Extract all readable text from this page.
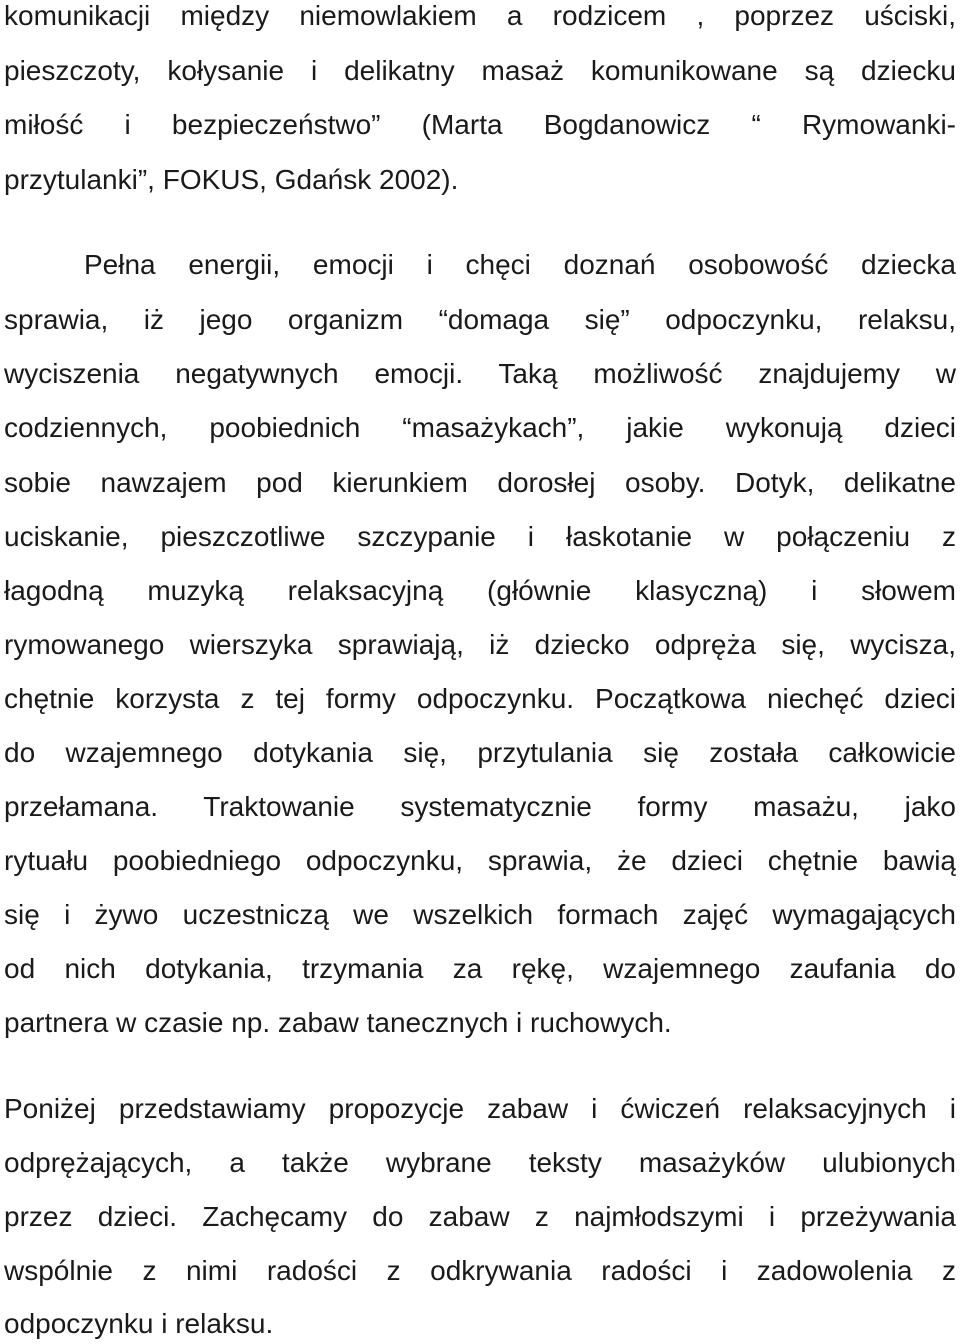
komunikacji między niemowlakiem a rodzicem , poprzez uściski,
pieszczoty, kołysanie i delikatny masaż komunikowane są dziecku
miłość i bezpieczeństwo” (Marta Bogdanowicz “ Rymowanki-
przytulanki”, FOKUS, Gdańsk 2002).
Pełna energii, emocji i chęci doznań osobowość dziecka
sprawia, iż jego organizm “domaga się” odpoczynku, relaksu,
wyciszenia negatywnych emocji. Taką możliwość znajdujemy w
codziennych, poobiednich “masażykach”, jakie wykonują dzieci
sobie nawzajem pod kierunkiem dorosłej osoby. Dotyk, delikatne
uciskanie, pieszczotliwe szczypanie i łaskotanie w połączeniu z
łagodną muzyką relaksacyjną (głównie klasyczną) i słowem
rymowanego wierszyka sprawiają, iż dziecko odpręża się, wycisza,
chętnie korzysta z tej formy odpoczynku. Początkowa niechęć dzieci
do wzajemnego dotykania się, przytulania się została całkowicie
przełamana. Traktowanie systematycznie formy masażu, jako
rytuału poobiedniego odpoczynku, sprawia, że dzieci chętnie bawią
się i żywo uczestniczą we wszelkich formach zajęć wymagających
od nich dotykania, trzymania za rękę, wzajemnego zaufania do
partnera w czasie np. zabaw tanecznych i ruchowych.
Poniżej przedstawiamy propozycje zabaw i ćwiczeń relaksacyjnych i
odprężających, a także wybrane teksty masażyków ulubionych
przez dzieci. Zachęcamy do zabaw z najmłodszymi i przeżywania
wspólnie z nimi radości z odkrywania radości i zadowolenia z
odpoczynku i relaksu.
